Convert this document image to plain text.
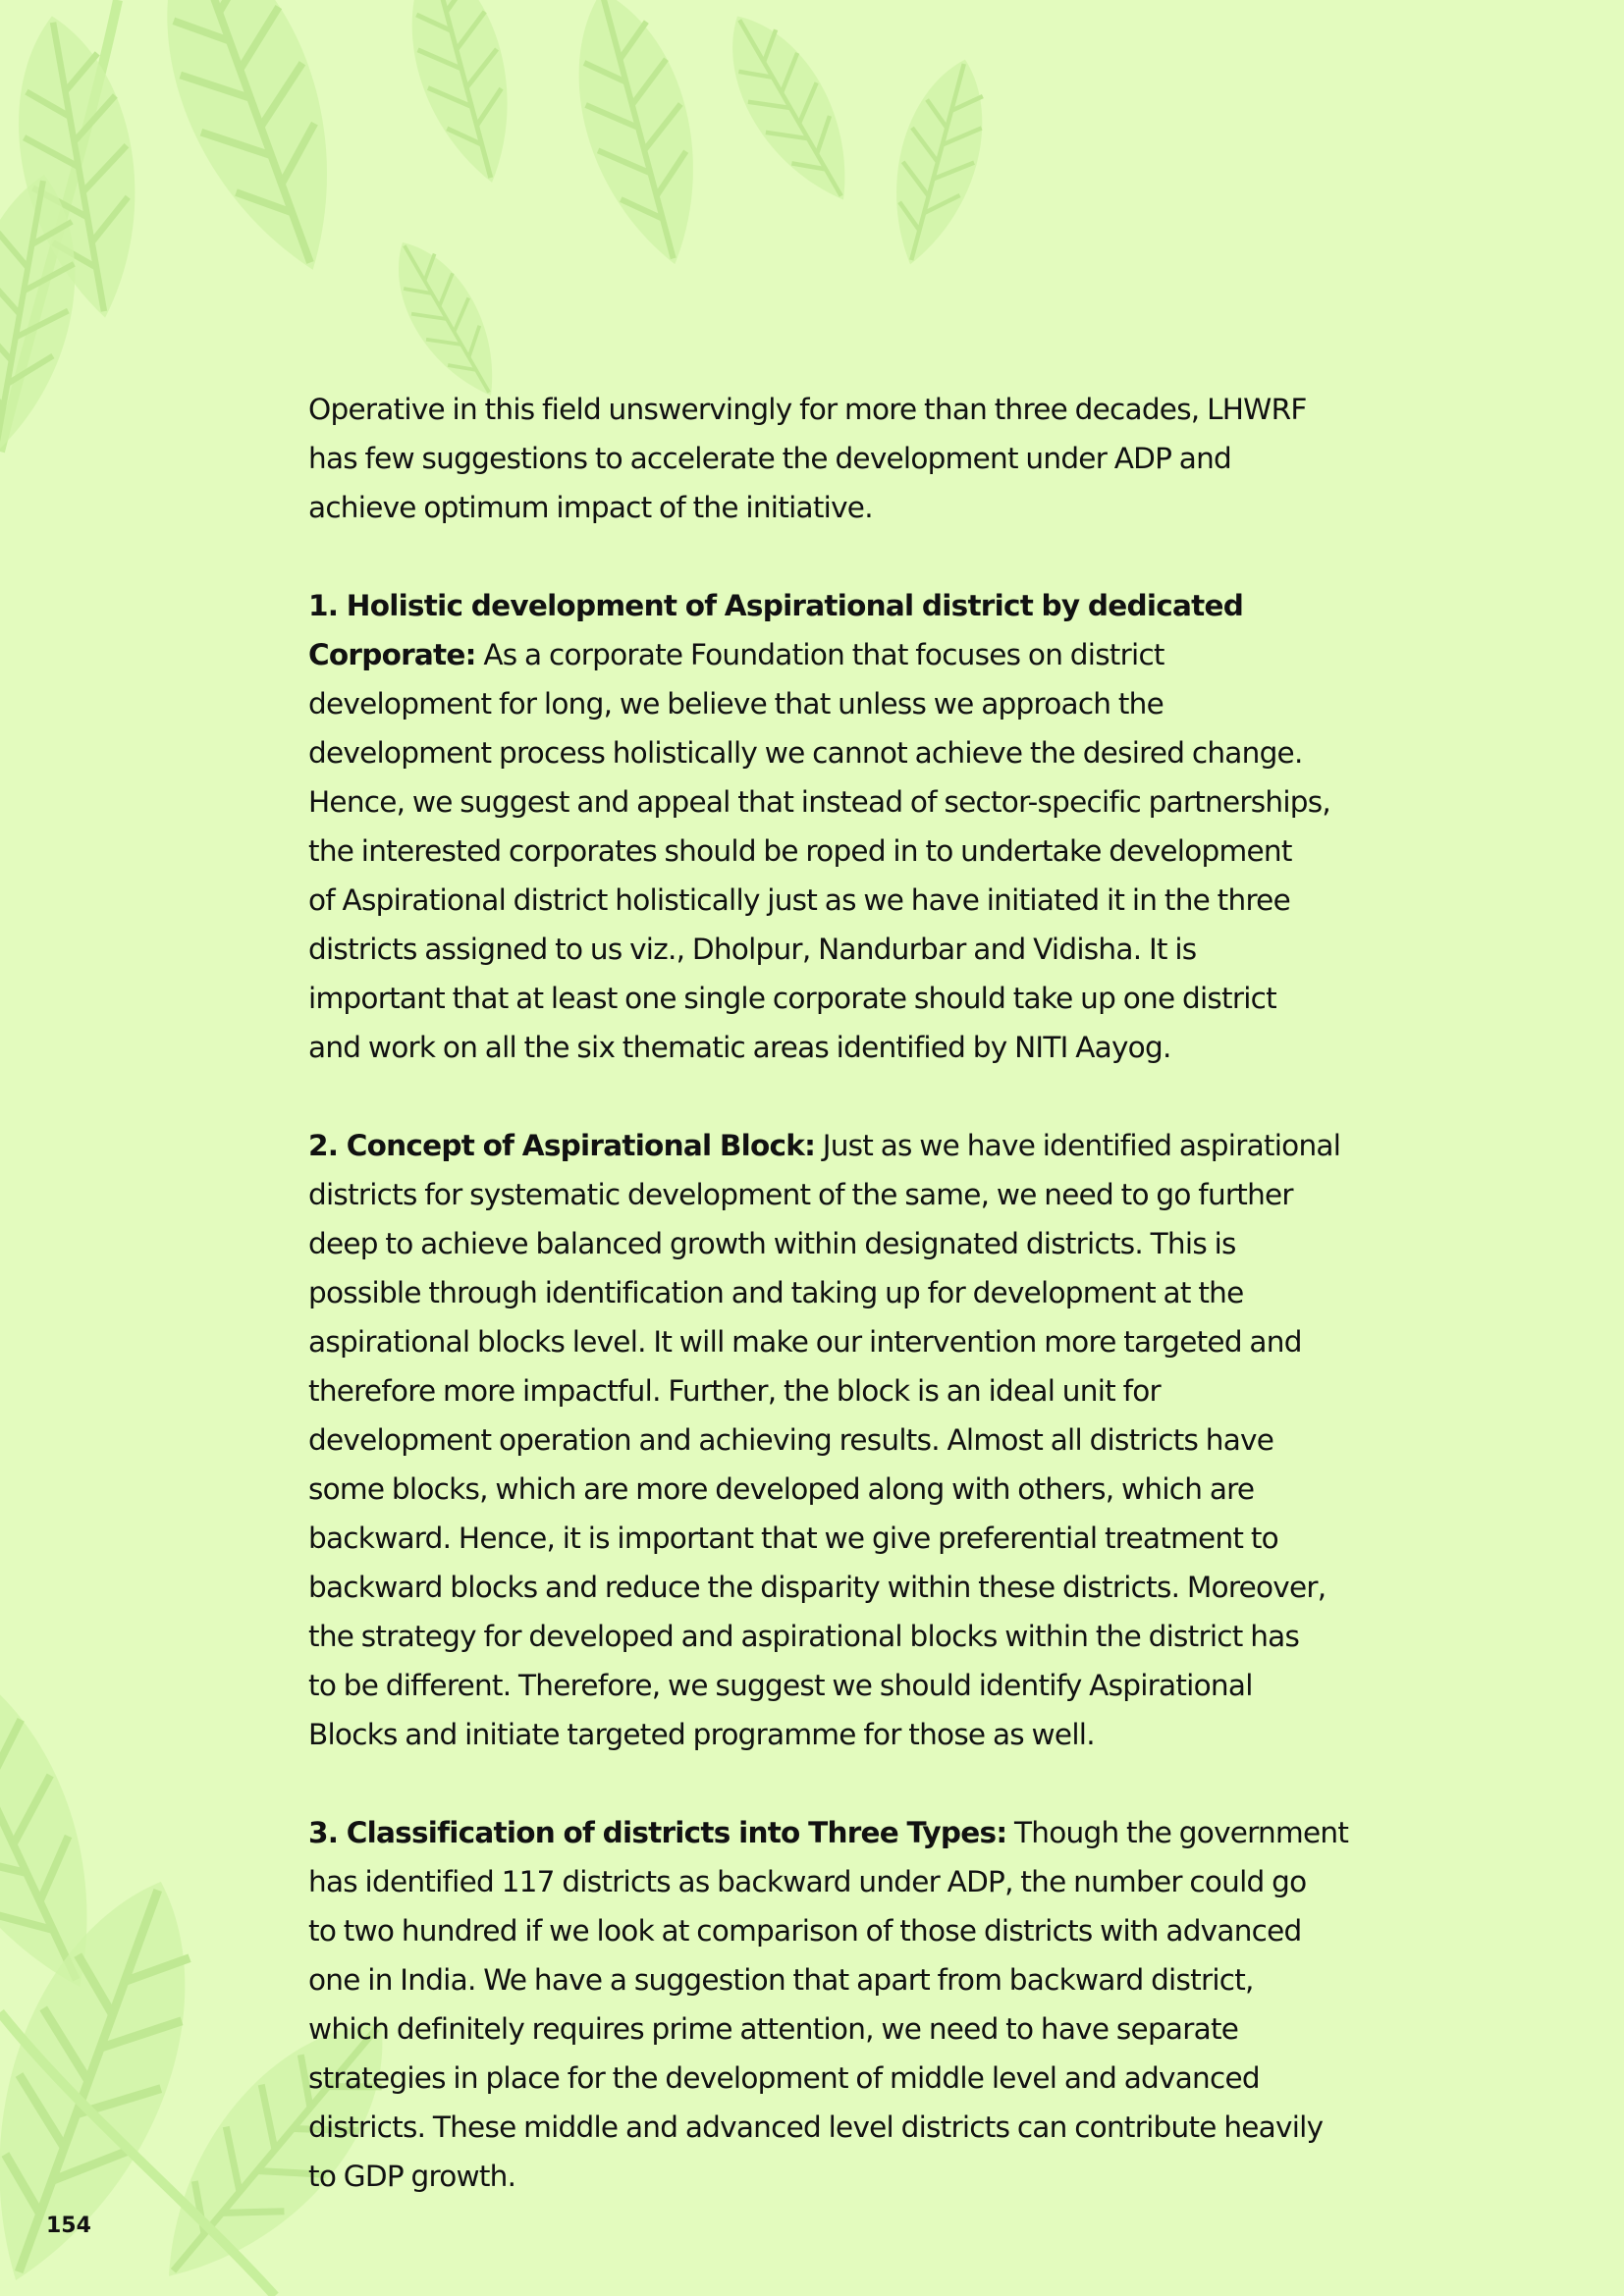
Operative in this field unswervingly for more than three decades, LHWRF
has few suggestions to accelerate the development under ADP and
achieve optimum impact of the initiative.

1. Holistic development of Aspirational district by dedicated
Corporate: As a corporate Foundation that focuses on district
development for long, we believe that unless we approach the
development process holistically we cannot achieve the desired change.
Hence, we suggest and appeal that instead of sector-specific partnerships,
the interested corporates should be roped in to undertake development
of Aspirational district holistically just as we have initiated it in the three
districts assigned to us viz., Dholpur, Nandurbar and Vidisha. It is
important that at least one single corporate should take up one district
and work on all the six thematic areas identified by NITI Aayog.

2. Concept of Aspirational Block: Just as we have identified aspirational
districts for systematic development of the same, we need to go further
deep to achieve balanced growth within designated districts. This is
possible through identification and taking up for development at the
aspirational blocks level. It will make our intervention more targeted and
therefore more impactful. Further, the block is an ideal unit for
development operation and achieving results. Almost all districts have
some blocks, which are more developed along with others, which are
backward. Hence, it is important that we give preferential treatment to
backward blocks and reduce the disparity within these districts. Moreover,
the strategy for developed and aspirational blocks within the district has
to be different. Therefore, we suggest we should identify Aspirational
Blocks and initiate targeted programme for those as well.

3. Classification of districts into Three Types: Though the government
has identified 117 districts as backward under ADP, the number could go
to two hundred if we look at comparison of those districts with advanced
one in India. We have a suggestion that apart from backward district,
which definitely requires prime attention, we need to have separate
strategies in place for the development of middle level and advanced
districts. These middle and advanced level districts can contribute heavily
to GDP growth.

154
